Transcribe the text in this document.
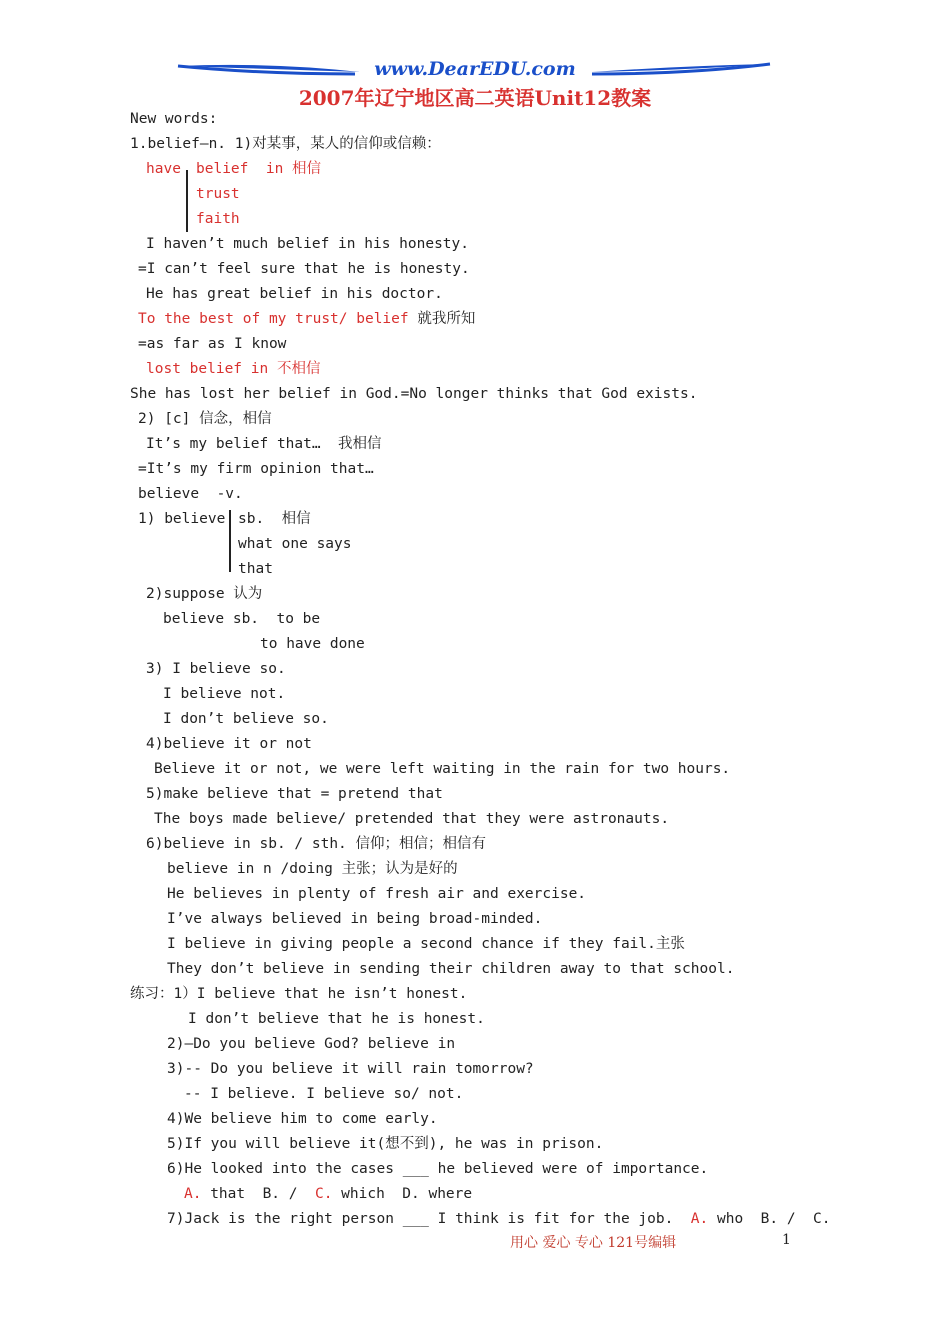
www.DearEDU.com
2007年辽宁地区高二英语Unit12教案
New words:
1.belief—n. 1)对某事，某人的信仰或信赖：
have belief  in 相信
trust
faith
I haven’t much belief in his honesty.
=I can’t feel sure that he is honesty.
He has great belief in his doctor.
To the best of my trust/ belief 就我所知
=as far as I know
lost belief in 不相信
She has lost her belief in God.=No longer thinks that God exists.
2) [c] 信念，相信
It’s my belief that…  我相信
=It’s my firm opinion that…
believe  -v.
1) believe sb.  相信
what one says
that
2)suppose 认为
believe sb.  to be
to have done
3) I believe so.
I believe not.
I don’t believe so.
4)believe it or not
Believe it or not, we were left waiting in the rain for two hours.
5)make believe that = pretend that
The boys made believe/ pretended that they were astronauts.
6)believe in sb. / sth. 信仰；相信；相信有
believe in n /doing 主张；认为是好的
He believes in plenty of fresh air and exercise.
I’ve always believed in being broad-minded.
I believe in giving people a second chance if they fail.主张
They don’t believe in sending their children away to that school.
练习：1）I believe that he isn’t honest.
I don’t believe that he is honest.
2)—Do you believe God? believe in
3)-- Do you believe it will rain tomorrow?
-- I believe. I believe so/ not.
4)We believe him to come early.
5)If you will believe it(想不到), he was in prison.
6)He looked into the cases ___ he believed were of importance.
A. that  B. /  C. which  D. where
7)Jack is the right person ___ I think is fit for the job.  A. who  B. /  C.
用心 爱心 专心 121号编辑	1
